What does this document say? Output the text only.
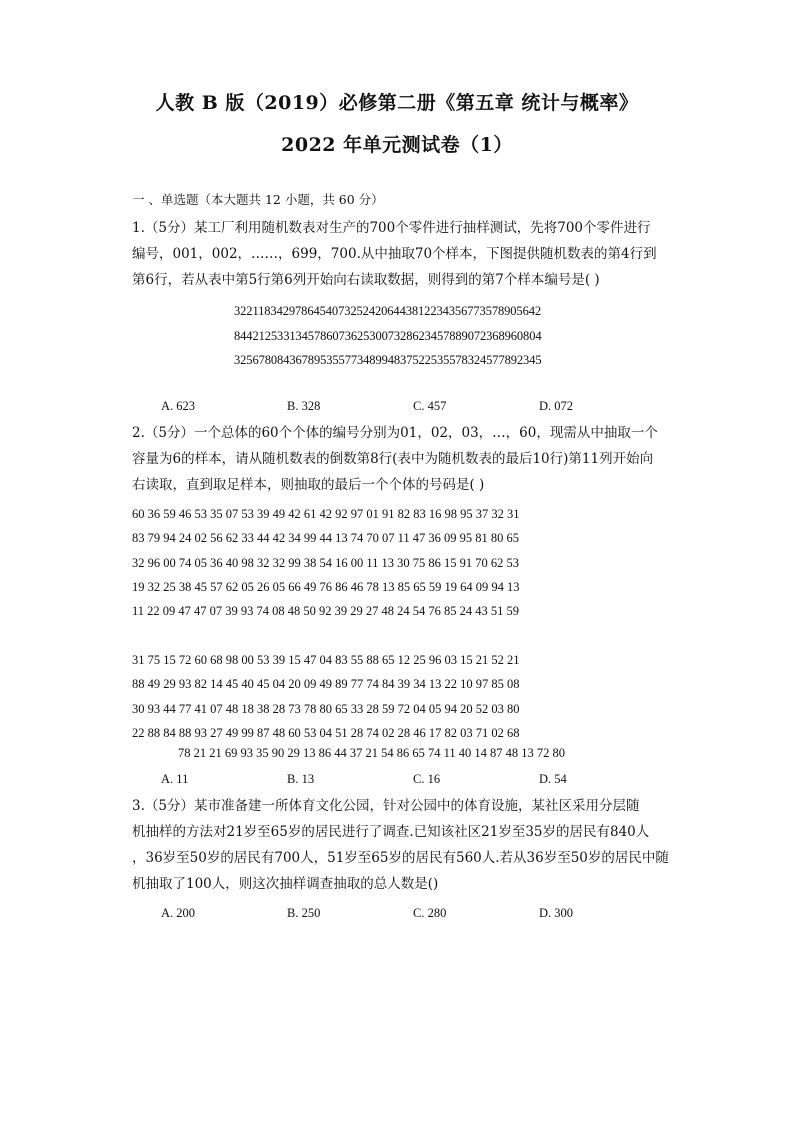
人教 B 版（2019）必修第二册《第五章 统计与概率》
2022 年单元测试卷（1）
一 、单选题（本大题共 12 小题，共 60 分）
1.（5分）某工厂利用随机数表对生产的700个零件进行抽样测试，先将700个零件进行
编号，001，002，……，699，700.从中抽取70个样本，下图提供随机数表的第4行到
第6行，若从表中第5行第6列开始向右读取数据，则得到的第7个样本编号是( )
32211834297864540732524206443812234356773578905642
84421253313457860736253007328623457889072368960804
32567808436789535577348994837522535578324577892345
A. 623	B. 328	C. 457	D. 072
2.（5分）一个总体的60个个体的编号分别为01，02，03，…，60，现需从中抽取一个
容量为6的样本，请从随机数表的倒数第8行(表中为随机数表的最后10行)第11列开始向
右读取，直到取足样本，则抽取的最后一个个体的号码是( )
60 36 59 46 53 35 07 53 39 49 42 61 42 92 97 01 91 82 83 16 98 95 37 32 31
83 79 94 24 02 56 62 33 44 42 34 99 44 13 74 70 07 11 47 36 09 95 81 80 65
32 96 00 74 05 36 40 98 32 32 99 38 54 16 00 11 13 30 75 86 15 91 70 62 53
19 32 25 38 45 57 62 05 26 05 66 49 76 86 46 78 13 85 65 59 19 64 09 94 13
11 22 09 47 47 07 39 93 74 08 48 50 92 39 29 27 48 24 54 76 85 24 43 51 59
31 75 15 72 60 68 98 00 53 39 15 47 04 83 55 88 65 12 25 96 03 15 21 52 21
88 49 29 93 82 14 45 40 45 04 20 09 49 89 77 74 84 39 34 13 22 10 97 85 08
30 93 44 77 41 07 48 18 38 28 73 78 80 65 33 28 59 72 04 05 94 20 52 03 80
22 88 84 88 93 27 49 99 87 48 60 53 04 51 28 74 02 28 46 17 82 03 71 02 68
78 21 21 69 93 35 90 29 13 86 44 37 21 54 86 65 74 11 40 14 87 48 13 72 80
A. 11	B. 13	C. 16	D. 54
3.（5分）某市准备建一所体育文化公园，针对公园中的体育设施，某社区采用分层随
机抽样的方法对21岁至65岁的居民进行了调查.已知该社区21岁至35岁的居民有840人
，36岁至50岁的居民有700人，51岁至65岁的居民有560人.若从36岁至50岁的居民中随
机抽取了100人，则这次抽样调查抽取的总人数是()
A. 200	B. 250	C. 280	D. 300
